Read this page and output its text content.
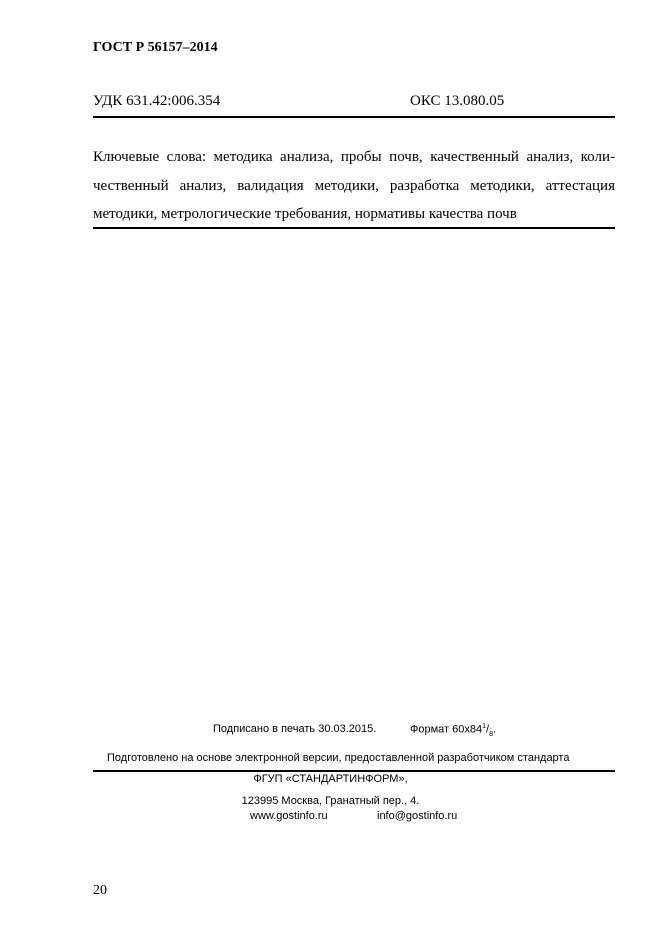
ГОСТ Р 56157–2014
УДК 631.42:006.354	ОКС 13.080.05
Ключевые слова: методика анализа, пробы почв, качественный анализ, коли-
чественный анализ, валидация методики, разработка методики, аттестация
методики, метрологические требования, нормативы качества почв
Подписано в печать 30.03.2015.	Формат $60x84^1/_8$.
Подготовлено на основе электронной версии, предоставленной разработчиком стандарта
ФГУП «СТАНДАРТИНФОРМ»,
123995 Москва, Гранатный пер., 4.
www.gostinfo.ru	info@gostinfo.ru
20
